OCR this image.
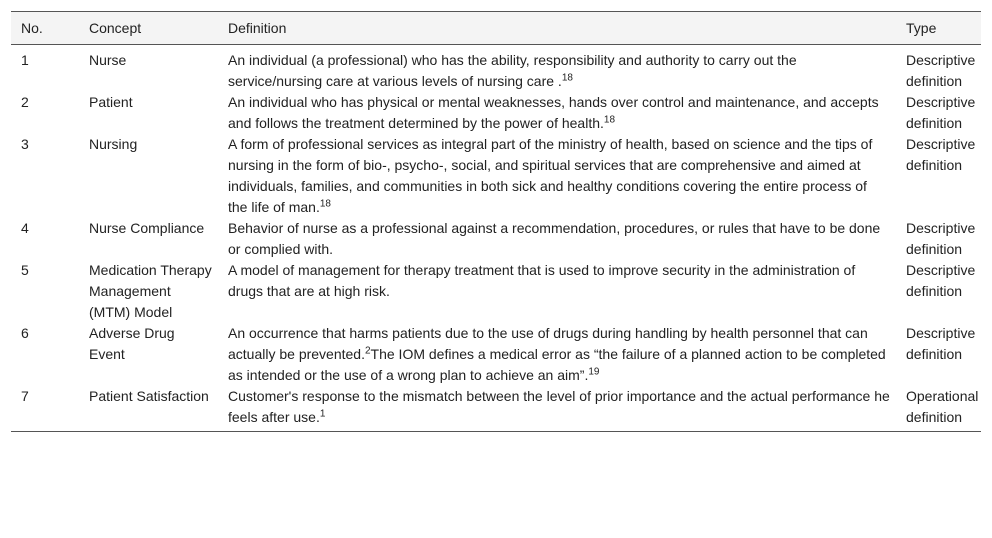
No.	Concept	Definition	Type
1	Nurse	An individual (a professional) who has the ability, responsibility and authority to carry out the service/nursing care at various levels of nursing care .$^{18}$	Descriptive definition
2	Patient	An individual who has physical or mental weaknesses, hands over control and maintenance, and accepts and follows the treatment determined by the power of health.$^{18}$	Descriptive definition
3	Nursing	A form of professional services as integral part of the ministry of health, based on science and the tips of nursing in the form of bio-, psycho-, social, and spiritual services that are comprehensive and aimed at individuals, families, and communities in both sick and healthy conditions covering the entire process of the life of man.$^{18}$	Descriptive definition
4	Nurse Compliance	Behavior of nurse as a professional against a recommendation, procedures, or rules that have to be done or complied with.	Descriptive definition
5	Medication Therapy Management (MTM) Model	A model of management for therapy treatment that is used to improve security in the administration of drugs that are at high risk.	Descriptive definition
6	Adverse Drug Event	An occurrence that harms patients due to the use of drugs during handling by health personnel that can actually be prevented.$^2$The IOM defines a medical error as “the failure of a planned action to be completed as intended or the use of a wrong plan to achieve an aim”.$^{19}$	Descriptive definition
7	Patient Satisfaction	Customer's response to the mismatch between the level of prior importance and the actual performance he feels after use.$^1$	Operational definition
